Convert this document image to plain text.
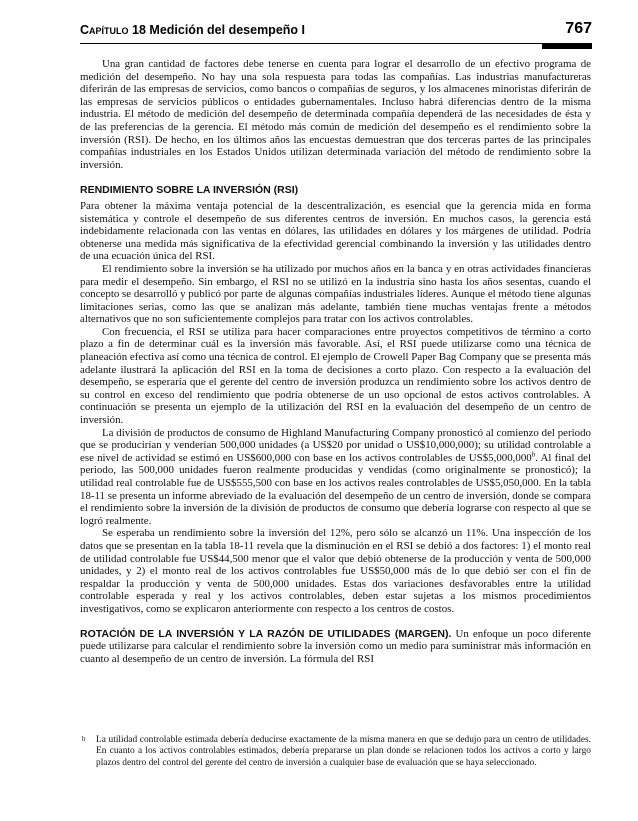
Capítulo 18 Medición del desempeño I	767

Una gran cantidad de factores debe tenerse en cuenta para lograr el desarrollo de un efectivo programa de medición del desempeño. No hay una sola respuesta para todas las compañías. Las industrias manufactureras diferirán de las empresas de servicios, como bancos o compañías de seguros, y los almacenes minoristas diferirán de las empresas de servicios públicos o entidades gubernamentales. Incluso habrá diferencias dentro de la misma industria. El método de medición del desempeño de determinada compañía dependerá de las necesidades de ésta y de las preferencias de la gerencia. El método más común de medición del desempeño es el rendimiento sobre la inversión (RSI). De hecho, en los últimos años las encuestas demuestran que dos terceras partes de las principales compañías industriales en los Estados Unidos utilizan determinada variación del método de rendimiento sobre la inversión.

RENDIMIENTO SOBRE LA INVERSIÓN (RSI)

Para obtener la máxima ventaja potencial de la descentralización, es esencial que la gerencia mida en forma sistemática y controle el desempeño de sus diferentes centros de inversión. En muchos casos, la gerencia está indebidamente relacionada con las ventas en dólares, las utilidades en dólares y los márgenes de utilidad. Podría obtenerse una medida más significativa de la efectividad gerencial combinando la inversión y las utilidades dentro de una ecuación única del RSI.

El rendimiento sobre la inversión se ha utilizado por muchos años en la banca y en otras actividades financieras para medir el desempeño. Sin embargo, el RSI no se utilizó en la industria sino hasta los años sesentas, cuando el concepto se desarrolló y publicó por parte de algunas compañías industriales líderes. Aunque el método tiene algunas limitaciones serias, como las que se analizan más adelante, también tiene muchas ventajas frente a métodos alternativos que no son suficientemente complejos para tratar con los activos controlables.

Con frecuencia, el RSI se utiliza para hacer comparaciones entre proyectos competitivos de término a corto plazo a fin de determinar cuál es la inversión más favorable. Así, el RSI puede utilizarse como una técnica de planeación efectiva así como una técnica de control. El ejemplo de Crowell Paper Bag Company que se presenta más adelante ilustrará la aplicación del RSI en la toma de decisiones a corto plazo. Con respecto a la evaluación del desempeño, se esperaría que el gerente del centro de inversión produzca un rendimiento sobre los activos dentro de su control en exceso del rendimiento que podría obtenerse de un uso opcional de estos activos controlables. A continuación se presenta un ejemplo de la utilización del RSI en la evaluación del desempeño de un centro de inversión.

La división de productos de consumo de Highland Manufacturing Company pronosticó al comienzo del periodo que se producirían y venderían 500,000 unidades (a US$20 por unidad o US$10,000,000); su utilidad controlable a ese nivel de actividad se estimó en US$600,000 con base en los activos controlables de US$5,000,000$^b$. Al final del periodo, las 500,000 unidades fueron realmente producidas y vendidas (como originalmente se pronosticó); la utilidad real controlable fue de US$555,500 con base en los activos reales controlables de US$5,050,000. En la tabla 18-11 se presenta un informe abreviado de la evaluación del desempeño de un centro de inversión, donde se compara el rendimiento sobre la inversión de la división de productos de consumo que debería lograrse con respecto al que se logró realmente.

Se esperaba un rendimiento sobre la inversión del 12%, pero sólo se alcanzó un 11%. Una inspección de los datos que se presentan en la tabla 18-11 revela que la disminución en el RSI se debió a dos factores: 1) el monto real de utilidad controlable fue US$44,500 menor que el valor que debió obtenerse de la producción y venta de 500,000 unidades, y 2) el monto real de los activos controlables fue US$50,000 más de lo que debió ser con el fin de respaldar la producción y venta de 500,000 unidades. Estas dos variaciones desfavorables entre la utilidad controlable esperada y real y los activos controlables, deben estar sujetas a los mismos procedimientos investigativos, como se explicaron anteriormente con respecto a los centros de costos.

ROTACIÓN DE LA INVERSIÓN Y LA RAZÓN DE UTILIDADES (MARGEN). Un enfoque un poco diferente puede utilizarse para calcular el rendimiento sobre la inversión como un medio para suministrar más información en cuanto al desempeño de un centro de inversión. La fórmula del RSI

b La utilidad controlable estimada debería deducirse exactamente de la misma manera en que se dedujo para un centro de utilidades. En cuanto a los activos controlables estimados, debería prepararse un plan donde se relacionen todos los activos a corto y largo plazos dentro del control del gerente del centro de inversión a cualquier base de evaluación que se haya seleccionado.
